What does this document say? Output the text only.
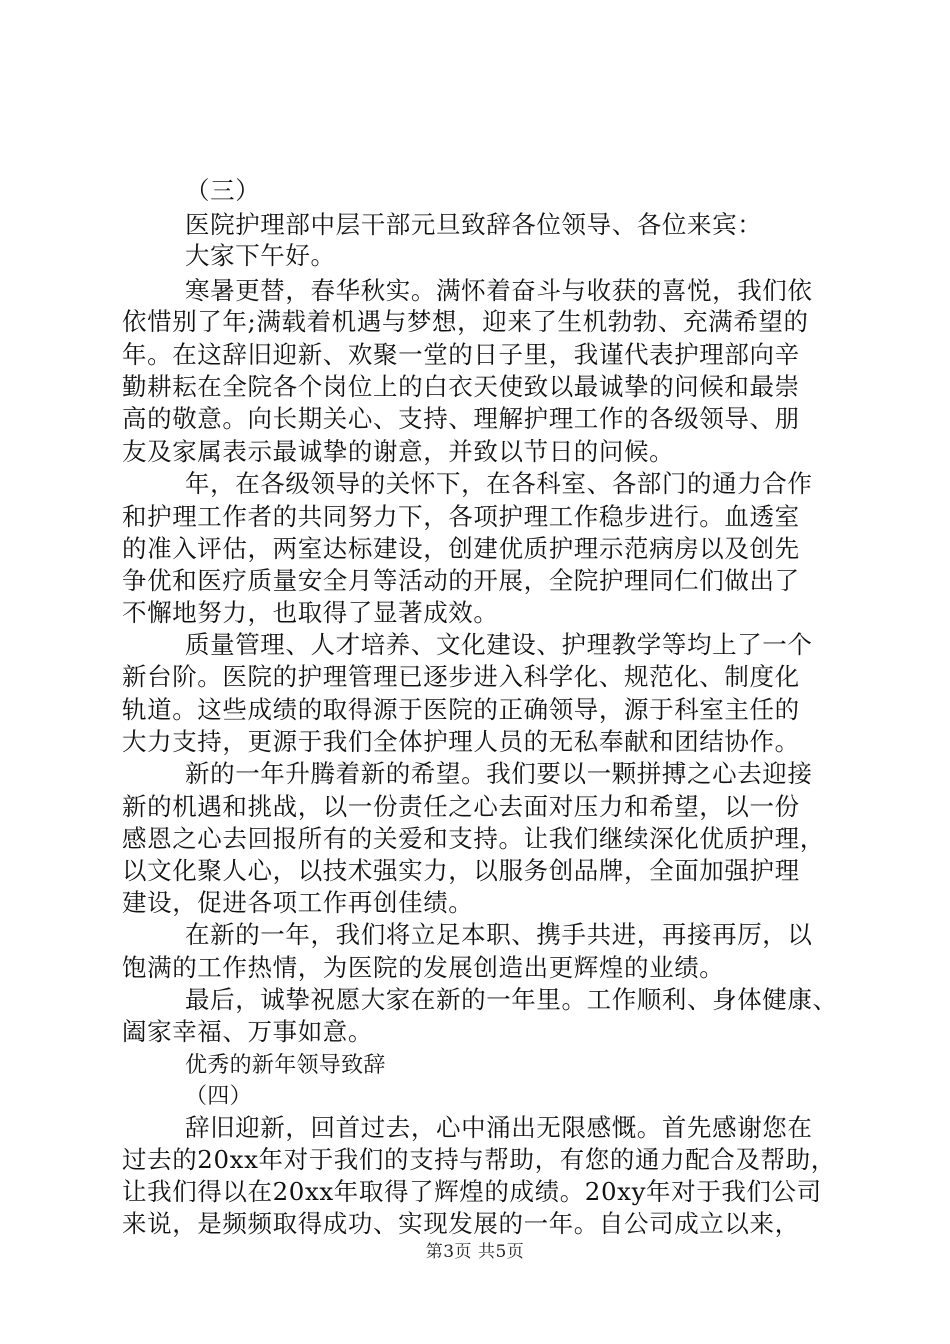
（三）
医院护理部中层干部元旦致辞各位领导、各位来宾：
大家下午好。
寒暑更替，春华秋实。满怀着奋斗与收获的喜悦，我们依
依惜别了年;满载着机遇与梦想，迎来了生机勃勃、充满希望的
年。在这辞旧迎新、欢聚一堂的日子里，我谨代表护理部向辛
勤耕耘在全院各个岗位上的白衣天使致以最诚挚的问候和最崇
高的敬意。向长期关心、支持、理解护理工作的各级领导、朋
友及家属表示最诚挚的谢意，并致以节日的问候。
年，在各级领导的关怀下，在各科室、各部门的通力合作
和护理工作者的共同努力下，各项护理工作稳步进行。血透室
的准入评估，两室达标建设，创建优质护理示范病房以及创先
争优和医疗质量安全月等活动的开展，全院护理同仁们做出了
不懈地努力，也取得了显著成效。
质量管理、人才培养、文化建设、护理教学等均上了一个
新台阶。医院的护理管理已逐步进入科学化、规范化、制度化
轨道。这些成绩的取得源于医院的正确领导，源于科室主任的
大力支持，更源于我们全体护理人员的无私奉献和团结协作。
新的一年升腾着新的希望。我们要以一颗拼搏之心去迎接
新的机遇和挑战，以一份责任之心去面对压力和希望，以一份
感恩之心去回报所有的关爱和支持。让我们继续深化优质护理，
以文化聚人心，以技术强实力，以服务创品牌，全面加强护理
建设，促进各项工作再创佳绩。
在新的一年，我们将立足本职、携手共进，再接再厉，以
饱满的工作热情，为医院的发展创造出更辉煌的业绩。
最后，诚挚祝愿大家在新的一年里。工作顺利、身体健康、
阖家幸福、万事如意。
优秀的新年领导致辞
（四）
辞旧迎新，回首过去，心中涌出无限感慨。首先感谢您在
过去的20xx年对于我们的支持与帮助，有您的通力配合及帮助，
让我们得以在20xx年取得了辉煌的成绩。20xy年对于我们公司
来说，是频频取得成功、实现发展的一年。自公司成立以来，
第3页 共5页
